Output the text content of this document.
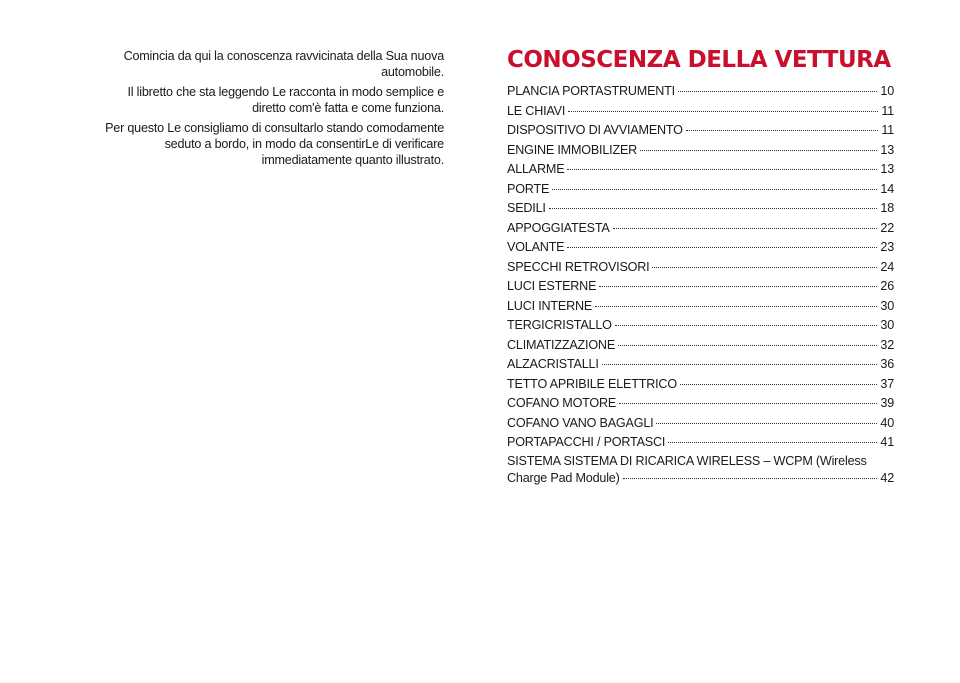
Comincia da qui la conoscenza ravvicinata della Sua nuova automobile.

Il libretto che sta leggendo Le racconta in modo semplice e diretto com'è fatta e come funziona.

Per questo Le consigliamo di consultarlo stando comodamente seduto a bordo, in modo da consentirLe di verificare immediatamente quanto illustrato.

CONOSCENZA DELLA VETTURA
PLANCIA PORTASTRUMENTI	10
LE CHIAVI	11
DISPOSITIVO DI AVVIAMENTO	11
ENGINE IMMOBILIZER	13
ALLARME	13
PORTE	14
SEDILI	18
APPOGGIATESTA	22
VOLANTE	23
SPECCHI RETROVISORI	24
LUCI ESTERNE	26
LUCI INTERNE	30
TERGICRISTALLO	30
CLIMATIZZAZIONE	32
ALZACRISTALLI	36
TETTO APRIBILE ELETTRICO	37
COFANO MOTORE	39
COFANO VANO BAGAGLI	40
PORTAPACCHI / PORTASCI	41
SISTEMA SISTEMA DI RICARICA WIRELESS – WCPM (Wireless
Charge Pad Module)	42
